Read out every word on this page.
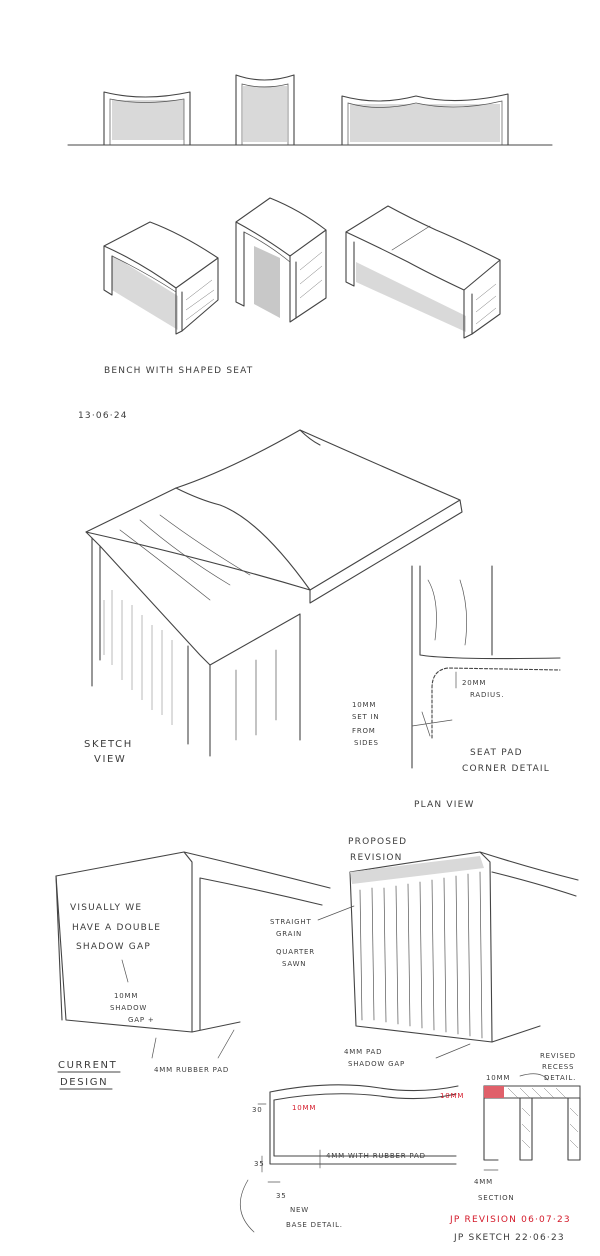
BENCH WITH SHAPED SEAT
13·06·24
SKETCH
VIEW
20MM
RADIUS.
10MM
SET IN
FROM
SIDES
SEAT PAD
CORNER DETAIL
PLAN VIEW
VISUALLY WE
HAVE A DOUBLE
SHADOW GAP
10MM
SHADOW
GAP +
PROPOSED
REVISION
STRAIGHT
GRAIN
QUARTER
SAWN
4MM RUBBER PAD
4MM PAD
SHADOW GAP
CURRENT
DESIGN
30	10MM
35
35
4MM WITH RUBBER PAD
NEW
BASE DETAIL.
10MM
10MM
4MM
REVISED
RECESS
DETAIL.
SECTION
JP REVISION 06·07·23
JP SKETCH 22·06·23
